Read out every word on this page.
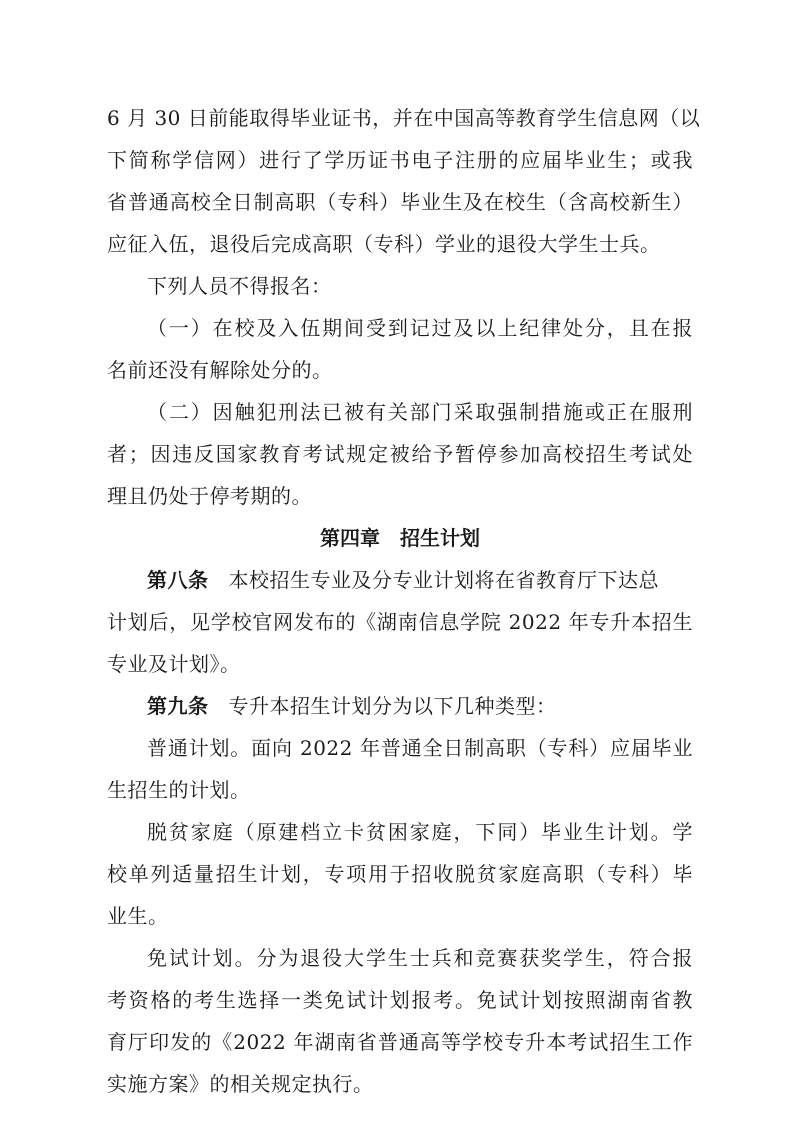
6 月 30 日前能取得毕业证书，并在中国高等教育学生信息网（以
下简称学信网）进行了学历证书电子注册的应届毕业生；或我
省普通高校全日制高职（专科）毕业生及在校生（含高校新生）
应征入伍，退役后完成高职（专科）学业的退役大学生士兵。
下列人员不得报名：
（一）在校及入伍期间受到记过及以上纪律处分，且在报
名前还没有解除处分的。
（二）因触犯刑法已被有关部门采取强制措施或正在服刑
者；因违反国家教育考试规定被给予暂停参加高校招生考试处
理且仍处于停考期的。
第四章　招生计划
第八条 本校招生专业及分专业计划将在省教育厅下达总
计划后，见学校官网发布的《湖南信息学院 2022 年专升本招生
专业及计划》。
第九条 专升本招生计划分为以下几种类型：
普通计划。面向 2022 年普通全日制高职（专科）应届毕业
生招生的计划。
脱贫家庭（原建档立卡贫困家庭，下同）毕业生计划。学
校单列适量招生计划，专项用于招收脱贫家庭高职（专科）毕
业生。
免试计划。分为退役大学生士兵和竞赛获奖学生，符合报
考资格的考生选择一类免试计划报考。免试计划按照湖南省教
育厅印发的《2022 年湖南省普通高等学校专升本考试招生工作
实施方案》的相关规定执行。
